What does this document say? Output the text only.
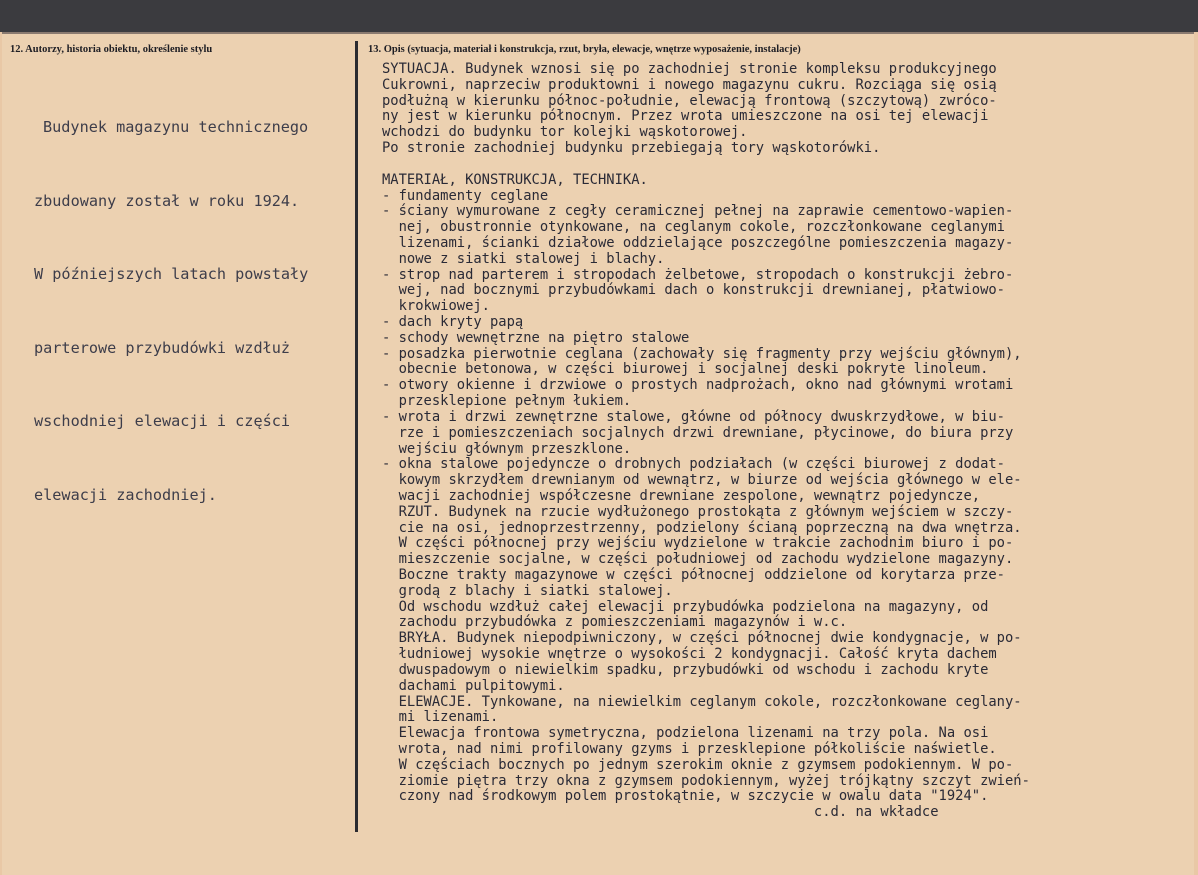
12. Autorzy, historia obiektu, określenie stylu	13. Opis (sytuacja, materiał i konstrukcja, rzut, bryła, elewacje, wnętrze wyposażenie, instalacje)

Budynek magazynu technicznego

zbudowany został w roku 1924.

W późniejszych latach powstały

parterowe przybudówki wzdłuż

wschodniej elewacji i części

elewacji zachodniej.

SYTUACJA. Budynek wznosi się po zachodniej stronie kompleksu produkcyjnego
Cukrowni, naprzeciw produktowni i nowego magazynu cukru. Rozciąga się osią
podłużną w kierunku północ-południe, elewacją frontową (szczytową) zwróco-
ny jest w kierunku północnym. Przez wrota umieszczone na osi tej elewacji
wchodzi do budynku tor kolejki wąskotorowej.
Po stronie zachodniej budynku przebiegają tory wąskotorówki.
MATERIAŁ, KONSTRUKCJA, TECHNIKA.
- fundamenty ceglane
- ściany wymurowane z cegły ceramicznej pełnej na zaprawie cementowo-wapien-
nej, obustronnie otynkowane, na ceglanym cokole, rozczłonkowane ceglanymi
lizenami, ścianki działowe oddzielające poszczególne pomieszczenia magazy-
nowe z siatki stalowej i blachy.
- strop nad parterem i stropodach żelbetowe, stropodach o konstrukcji żebro-
wej, nad bocznymi przybudówkami dach o konstrukcji drewnianej, płatwiowo-
krokwiowej.
- dach kryty papą
- schody wewnętrzne na piętro stalowe
- posadzka pierwotnie ceglana (zachowały się fragmenty przy wejściu głównym),
obecnie betonowa, w części biurowej i socjalnej deski pokryte linoleum.
- otwory okienne i drzwiowe o prostych nadprożach, okno nad głównymi wrotami
przesklepione pełnym łukiem.
- wrota i drzwi zewnętrzne stalowe, główne od północy dwuskrzydłowe, w biu-
rze i pomieszczeniach socjalnych drzwi drewniane, płycinowe, do biura przy
wejściu głównym przeszklone.
- okna stalowe pojedyncze o drobnych podziałach (w części biurowej z dodat-
kowym skrzydłem drewnianym od wewnątrz, w biurze od wejścia głównego w ele-
wacji zachodniej współczesne drewniane zespolone, wewnątrz pojedyncze,
RZUT. Budynek na rzucie wydłużonego prostokąta z głównym wejściem w szczy-
cie na osi, jednoprzestrzenny, podzielony ścianą poprzeczną na dwa wnętrza.
W części północnej przy wejściu wydzielone w trakcie zachodnim biuro i po-
mieszczenie socjalne, w części południowej od zachodu wydzielone magazyny.
Boczne trakty magazynowe w części północnej oddzielone od korytarza prze-
grodą z blachy i siatki stalowej.
Od wschodu wzdłuż całej elewacji przybudówka podzielona na magazyny, od
zachodu przybudówka z pomieszczeniami magazynów i w.c.
BRYŁA. Budynek niepodpiwniczony, w części północnej dwie kondygnacje, w po-
łudniowej wysokie wnętrze o wysokości 2 kondygnacji. Całość kryta dachem
dwuspadowym o niewielkim spadku, przybudówki od wschodu i zachodu kryte
dachami pulpitowymi.
ELEWACJE. Tynkowane, na niewielkim ceglanym cokole, rozczłonkowane ceglany-
mi lizenami.
Elewacja frontowa symetryczna, podzielona lizenami na trzy pola. Na osi
wrota, nad nimi profilowany gzyms i przesklepione półkoliście naświetle.
W częściach bocznych po jednym szerokim oknie z gzymsem podokiennym. W po-
ziomie piętra trzy okna z gzymsem podokiennym, wyżej trójkątny szczyt zwień-
czony nad środkowym polem prostokątnie, w szczycie w owalu data "1924".
c.d. na wkładce
